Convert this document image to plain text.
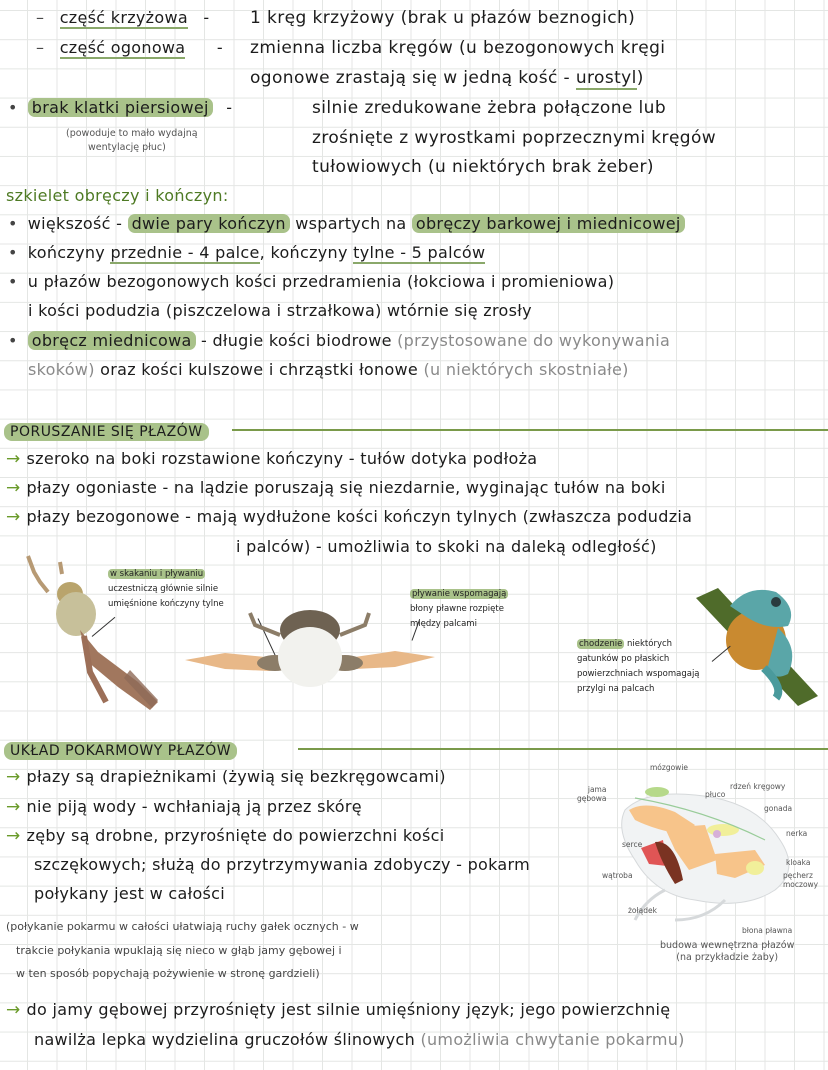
– część krzyżowa - 1 kręg krzyżowy (brak u płazów beznogich)
– część ogonowa - zmienna liczba kręgów (u bezogonowych kręgi
ogonowe zrastają się w jedną kość - urostyl)
• brak klatki piersiowej -
(powoduje to mało wydajną
wentylację płuc)
silnie zredukowane żebra połączone lub
zrośnięte z wyrostkami poprzecznymi kręgów
tułowiowych (u niektórych brak żeber)
szkielet obręczy i kończyn:
• większość - dwie pary kończyn wspartych na obręczy barkowej i miednicowej
• kończyny przednie - 4 palce, kończyny tylne - 5 palców
• u płazów bezogonowych kości przedramienia (łokciowa i promieniowa)
i kości podudzia (piszczelowa i strzałkowa) wtórnie się zrosły
• obręcz miednicowa - długie kości biodrowe (przystosowane do wykonywania
skoków) oraz kości kulszowe i chrząstki łonowe (u niektórych skostniałe)
PORUSZANIE SIĘ PŁAZÓW
→ szeroko na boki rozstawione kończyny - tułów dotyka podłoża
→ płazy ogoniaste - na lądzie poruszają się niezdarnie, wyginając tułów na boki
→ płazy bezogonowe - mają wydłużone kości kończyn tylnych (zwłaszcza podudzia
i palców) - umożliwia to skoki na daleką odległość)
w skakaniu i pływaniu
uczestniczą głównie silnie
umięśnione kończyny tylne
pływanie wspomagają
błony pławne rozpięte
między palcami
chodzenie niektórych
gatunków po płaskich
powierzchniach wspomagają
przylgi na palcach
UKŁAD POKARMOWY PŁAZÓW
→ płazy są drapieżnikami (żywią się bezkręgowcami)
→ nie piją wody - wchłaniają ją przez skórę
→ zęby są drobne, przyrośnięte do powierzchni kości
szczękowych; służą do przytrzymywania zdobyczy - pokarm
połykany jest w całości
(połykanie pokarmu w całości ułatwiają ruchy gałek ocznych - w
trakcie połykania wpuklają się nieco w głąb jamy gębowej i
w ten sposób popychają pożywienie w stronę gardzieli)
→ do jamy gębowej przyrośnięty jest silnie umięśniony język; jego powierzchnię
nawilża lepka wydzielina gruczołów ślinowych (umożliwia chwytanie pokarmu)
mózgowie
jama
gębowa
rdzeń kręgowy
płuco
gonada
nerka
serce
kloaka
wątroba	pęcherz
moczowy
żołądek
błona pławna
budowa wewnętrzna płazów
(na przykładzie żaby)
